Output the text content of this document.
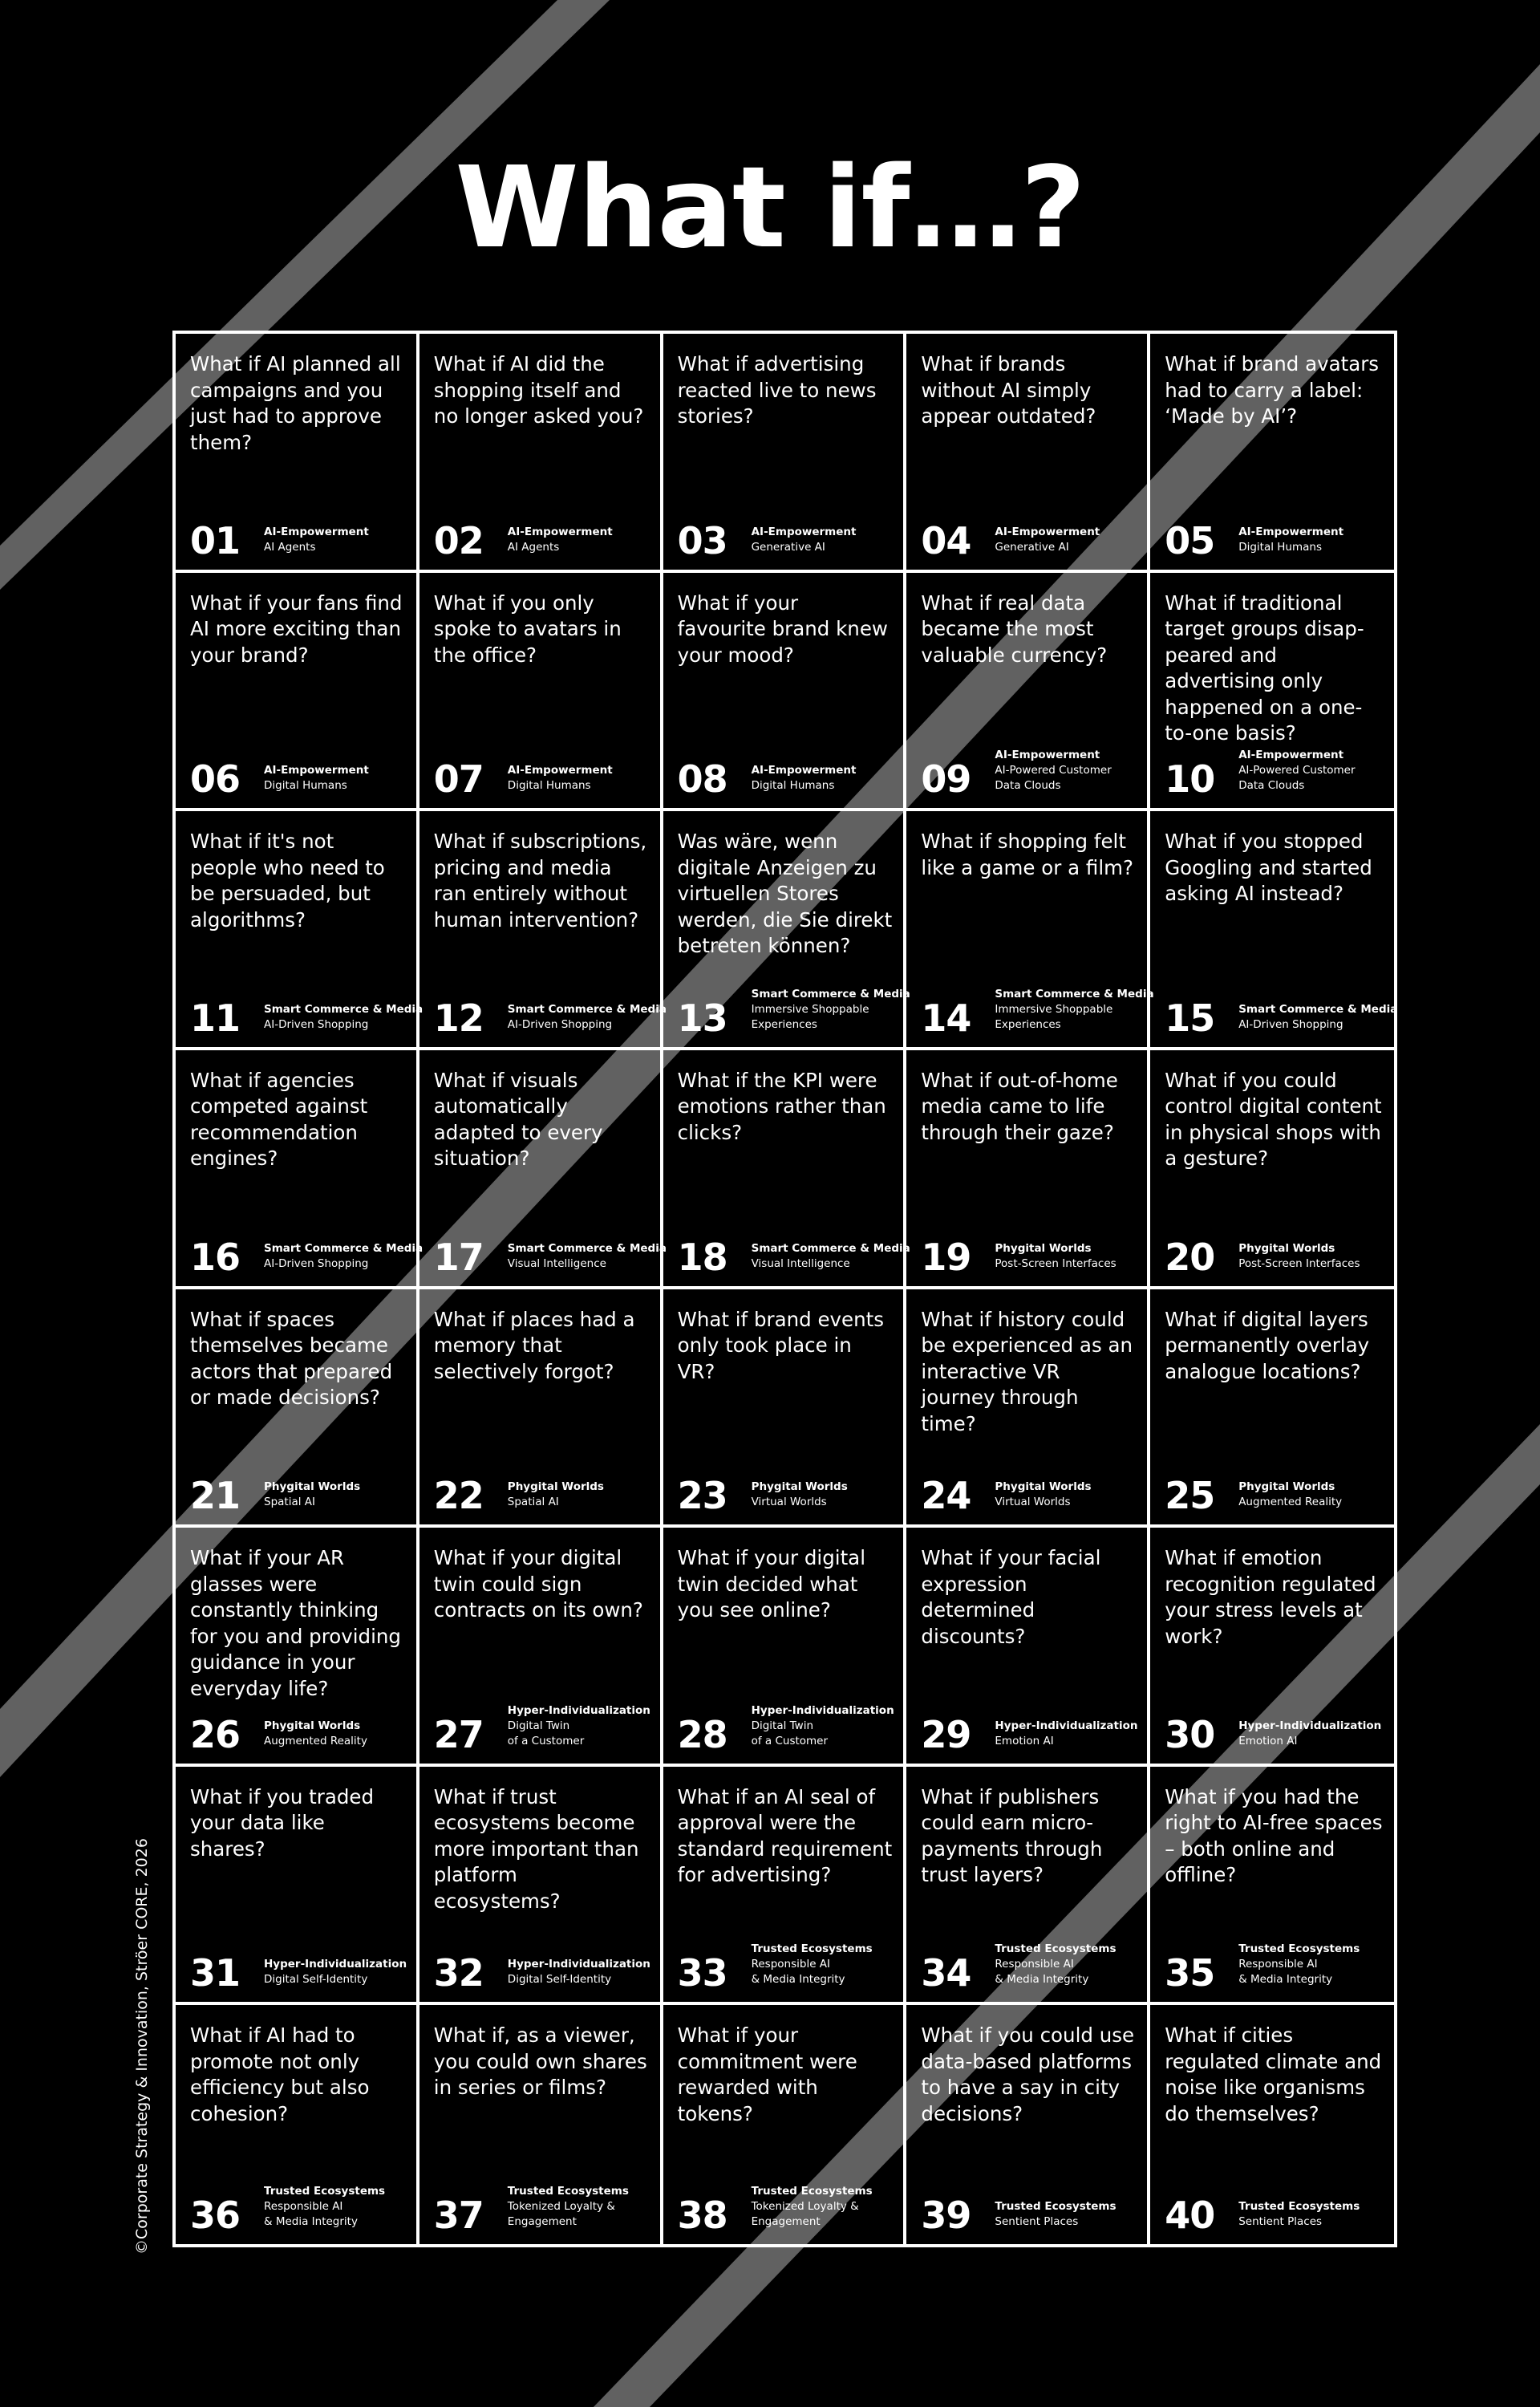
What if…?
What if AI planned all campaigns and you just had to approve them?
01	AI-Empowerment
AI Agents
What if AI did the shopping itself and no longer asked you?
02	AI-Empowerment
AI Agents
What if advertising reacted live to news stories?
03	AI-Empowerment
Generative AI
What if brands without AI simply appear outdated?
04	AI-Empowerment
Generative AI
What if brand avatars had to carry a label: ‘Made by AI’?
05	AI-Empowerment
Digital Humans
What if your fans find AI more exciting than your brand?
06	AI-Empowerment
Digital Humans
What if you only spoke to avatars in the office?
07	AI-Empowerment
Digital Humans
What if your favourite brand knew your mood?
08	AI-Empowerment
Digital Humans
What if real data became the most valuable currency?
09
AI-Empowerment
AI-Powered Customer
Data Clouds
What if traditional target groups disappeared and advertising only happened on a one-to-one basis?
10
AI-Empowerment
AI-Powered Customer
Data Clouds
What if it's not people who need to be persuaded, but algorithms?
11	Smart Commerce & Media
AI-Driven Shopping
What if subscriptions, pricing and media ran entirely without human intervention?
12	Smart Commerce & Media
AI-Driven Shopping
Was wäre, wenn digitale Anzeigen zu virtuellen Stores werden, die Sie direkt betreten können?
13
Smart Commerce & Media
Immersive Shoppable
Experiences
What if shopping felt like a game or a film?
14
Smart Commerce & Media
Immersive Shoppable
Experiences
What if you stopped Googling and started asking AI instead?
15	Smart Commerce & Media
AI-Driven Shopping
What if agencies competed against recommendation engines?
16	Smart Commerce & Media
AI-Driven Shopping
What if visuals automatically adapted to every situation?
17	Smart Commerce & Media
Visual Intelligence
What if the KPI were emotions rather than clicks?
18	Smart Commerce & Media
Visual Intelligence
What if out-of-home media came to life through their gaze?
19	Phygital Worlds
Post-Screen Interfaces
What if you could control digital content in physical shops with a gesture?
20	Phygital Worlds
Post-Screen Interfaces
What if spaces themselves became actors that prepared or made decisions?
21	Phygital Worlds
Spatial AI
What if places had a memory that selectively forgot?
22	Phygital Worlds
Spatial AI
What if brand events only took place in VR?
23	Phygital Worlds
Virtual Worlds
What if history could be experienced as an interactive VR journey through time?
24	Phygital Worlds
Virtual Worlds
What if digital layers permanently overlay analogue locations?
25	Phygital Worlds
Augmented Reality
What if your AR glasses were constantly thinking for you and providing guidance in your everyday life?
26	Phygital Worlds
Augmented Reality
What if your digital twin could sign contracts on its own?
27
Hyper-Individualization
Digital Twin
of a Customer
What if your digital twin decided what you see online?
28
Hyper-Individualization
Digital Twin
of a Customer
What if your facial expression determined discounts?
29	Hyper-Individualization
Emotion AI
What if emotion recognition regulated your stress levels at work?
30	Hyper-Individualization
Emotion AI
What if you traded your data like shares?
31	Hyper-Individualization
Digital Self-Identity
What if trust ecosystems become more important than platform ecosystems?
32	Hyper-Individualization
Digital Self-Identity
What if an AI seal of approval were the standard requirement for advertising?
33
Trusted Ecosystems
Responsible AI
& Media Integrity
What if publishers could earn micropayments through trust layers?
34
Trusted Ecosystems
Responsible AI
& Media Integrity
What if you had the right to AI-free spaces – both online and offline?
35
Trusted Ecosystems
Responsible AI
& Media Integrity
What if AI had to promote not only efficiency but also cohesion?
36
Trusted Ecosystems
Responsible AI
& Media Integrity
What if, as a viewer, you could own shares in series or films?
37
Trusted Ecosystems
Tokenized Loyalty &
Engagement
What if your commitment were rewarded with tokens?
38
Trusted Ecosystems
Tokenized Loyalty &
Engagement
What if you could use data-based platforms to have a say in city decisions?
39	Trusted Ecosystems
Sentient Places
What if cities regulated climate and noise like organisms do themselves?
40	Trusted Ecosystems
Sentient Places
©Corporate Strategy & Innovation, Ströer CORE, 2026
